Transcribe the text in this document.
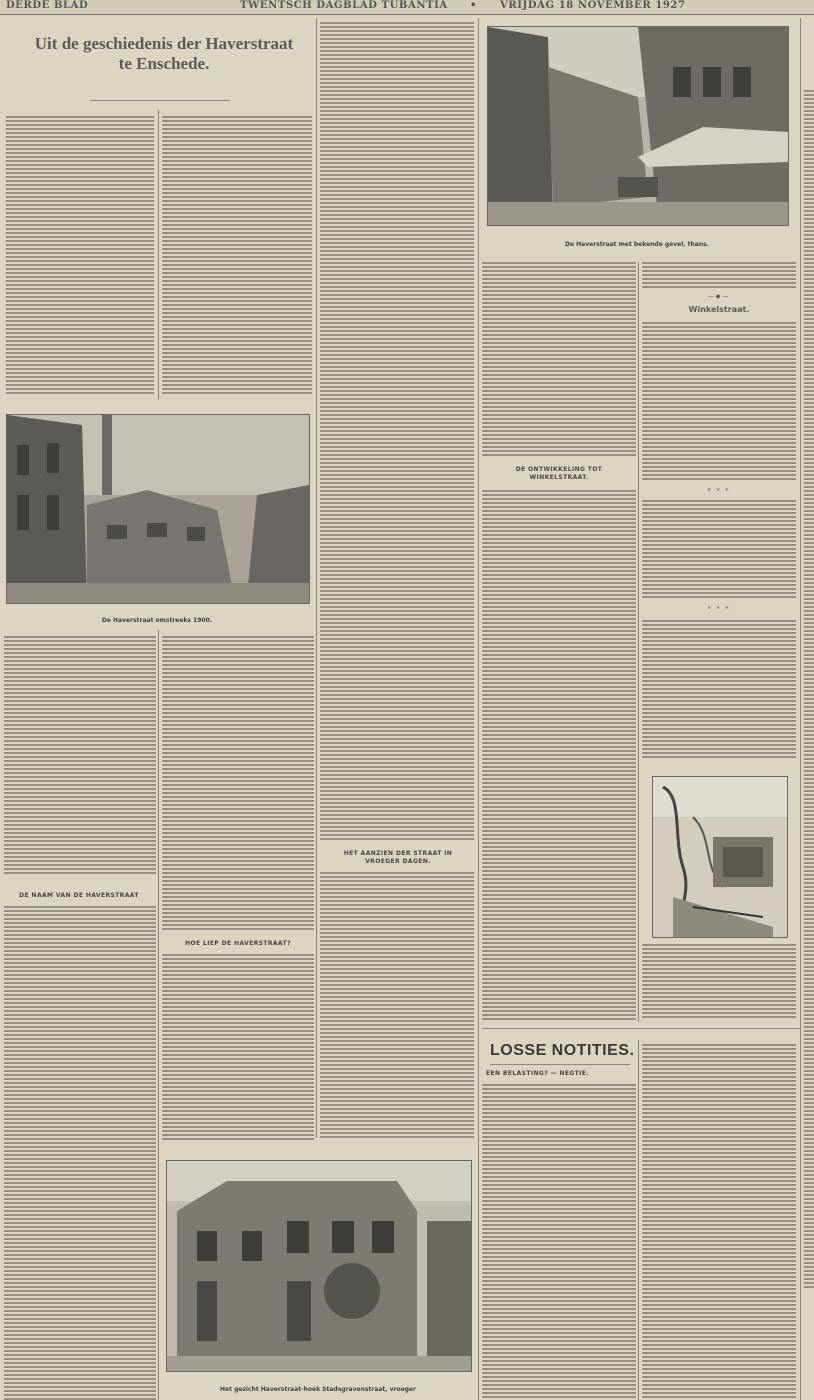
DERDE BLAD	TWENTSCH DAGBLAD TUBANTIA • VRIJDAG 18 NOVEMBER 1927
Uit de geschiedenis der Haverstraat
te Enschede.
De Haverstraat omstreeks 1900.
DE NAAM VAN DE HAVERSTRAAT
HOE LIEP DE HAVERSTRAAT?
HET AANZIEN DER STRAAT IN
VROEGER DAGEN.
De Haverstraat met bekende gevel, thans.
DE ONTWIKKELING TOT
WINKELSTRAAT.
—◆—
Winkelstraat.
* * *
* * *
Het gezicht Haverstraat-hoek Stadsgravenstraat, vroeger
LOSSE NOTITIES.
EEN BELASTING? — NEGTIE.
